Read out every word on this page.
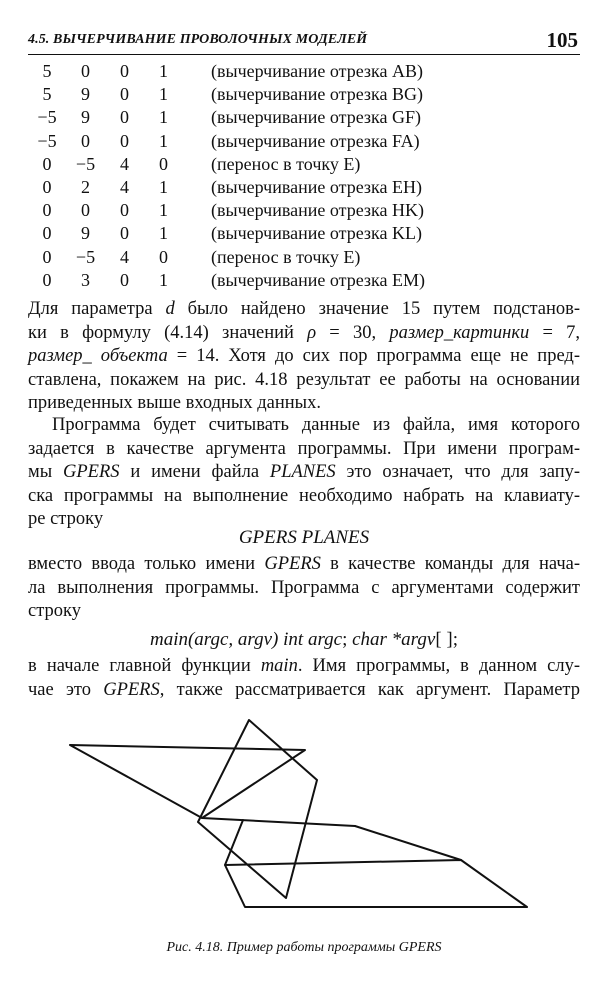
4.5. ВЫЧЕРЧИВАНИЕ ПРОВОЛОЧНЫХ МОДЕЛЕЙ	105
5	0	0	1	(вычерчивание отрезка AB)
5	9	0	1	(вычерчивание отрезка BG)
−5	9	0	1	(вычерчивание отрезка GF)
−5	0	0	1	(вычерчивание отрезка FA)
0	−5	4	0	(перенос в точку E)
0	2	4	1	(вычерчивание отрезка EH)
0	0	0	1	(вычерчивание отрезка HK)
0	9	0	1	(вычерчивание отрезка KL)
0	−5	4	0	(перенос в точку E)
0	3	0	1	(вычерчивание отрезка EM)
Для параметра d было найдено значение 15 путем подстанов-
ки в формулу (4.14) значений ρ = 30, размер_картинки = 7,
размер_ объекта = 14. Хотя до сих пор программа еще не пред-
ставлена, покажем на рис. 4.18 результат ее работы на основании
приведенных выше входных данных.
Программа будет считывать данные из файла, имя которого
задается в качестве аргумента программы. При имени програм-
мы GPERS и имени файла PLANES это означает, что для запу-
ска программы на выполнение необходимо набрать на клавиату-
ре строку
GPERS PLANES
вместо ввода только имени GPERS в качестве команды для нача-
ла выполнения программы. Программа с аргументами содержит
строку
main(argc, argv) int argc; char *argv[ ];
в начале главной функции main. Имя программы, в данном слу-
чае это GPERS, также рассматривается как аргумент. Параметр
Рис. 4.18. Пример работы программы GPERS
